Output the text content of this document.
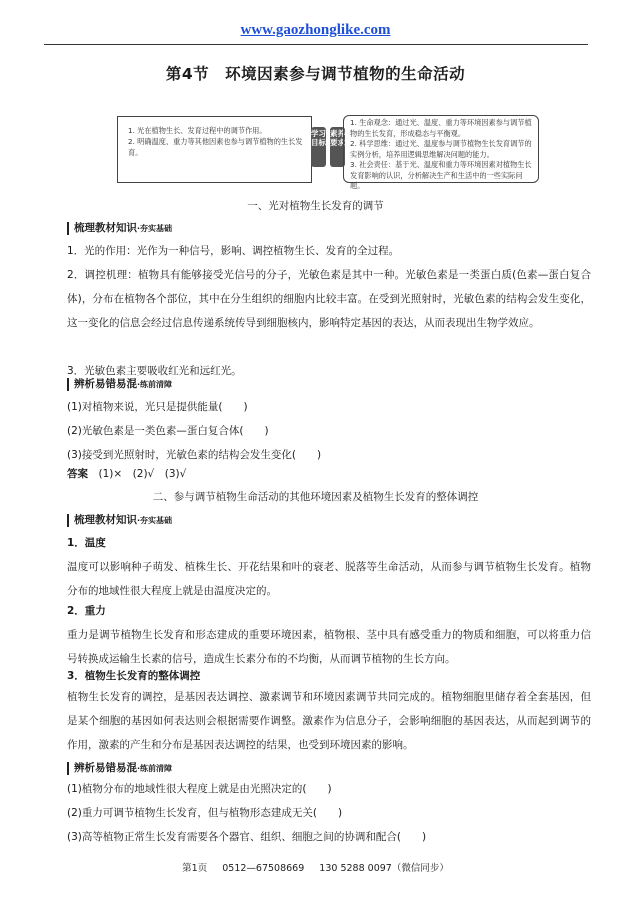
www.gaozhonglike.com
第4节　 环境因素参与调节植物的生命活动
1. 光在植物生长、发育过程中的调节作用。
2. 明确温度、重力等其他因素也参与调节植物的生长发育。
学习目标
素养要求
1. 生命观念：通过光、温度、重力等环境因素参与调节植物的生长发育，形成稳态与平衡观。
2. 科学思维：通过光、温度参与调节植物生长发育调节的实例分析，培养用逻辑思维解决问题的能力。
3. 社会责任：基于光、温度和重力等环境因素对植物生长发育影响的认识，分析解决生产和生活中的一些实际问题。
一、光对植物生长发育的调节
梳理教材知识·夯实基础
1．光的作用：光作为一种信号，影响、调控植物生长、发育的全过程。
2．调控机理：植物具有能够接受光信号的分子，光敏色素是其中一种。光敏色素是一类蛋白质(色素—蛋白复合体)，分布在植物各个部位，其中在分生组织的细胞内比较丰富。在受到光照射时，光敏色素的结构会发生变化，这一变化的信息会经过信息传递系统传导到细胞核内，影响特定基因的表达，从而表现出生物学效应。
3．光敏色素主要吸收红光和远红光。
辨析易错易混·练前清障
(1)对植物来说，光只是提供能量(　　)
(2)光敏色素是一类色素—蛋白复合体(　　)
(3)接受到光照射时，光敏色素的结构会发生变化(　　)
答案　 (1)×　(2)√　(3)√
二、参与调节植物生命活动的其他环境因素及植物生长发育的整体调控
梳理教材知识·夯实基础
1．温度
温度可以影响种子萌发、植株生长、开花结果和叶的衰老、脱落等生命活动，从而参与调节植物生长发育。植物分布的地域性很大程度上就是由温度决定的。
2．重力
重力是调节植物生长发育和形态建成的重要环境因素，植物根、茎中具有感受重力的物质和细胞，可以将重力信号转换成运输生长素的信号，造成生长素分布的不均衡，从而调节植物的生长方向。
3．植物生长发育的整体调控
植物生长发育的调控，是基因表达调控、激素调节和环境因素调节共同完成的。植物细胞里储存着全套基因，但是某个细胞的基因如何表达则会根据需要作调整。激素作为信息分子，会影响细胞的基因表达，从而起到调节的作用，激素的产生和分布是基因表达调控的结果，也受到环境因素的影响。
辨析易错易混·练前清障
(1)植物分布的地域性很大程度上就是由光照决定的(　　)
(2)重力可调节植物生长发育，但与植物形态建成无关(　　)
(3)高等植物正常生长发育需要各个器官、组织、细胞之间的协调和配合(　　)
第1页 0512—67508669 130 5288 0097（微信同步）
